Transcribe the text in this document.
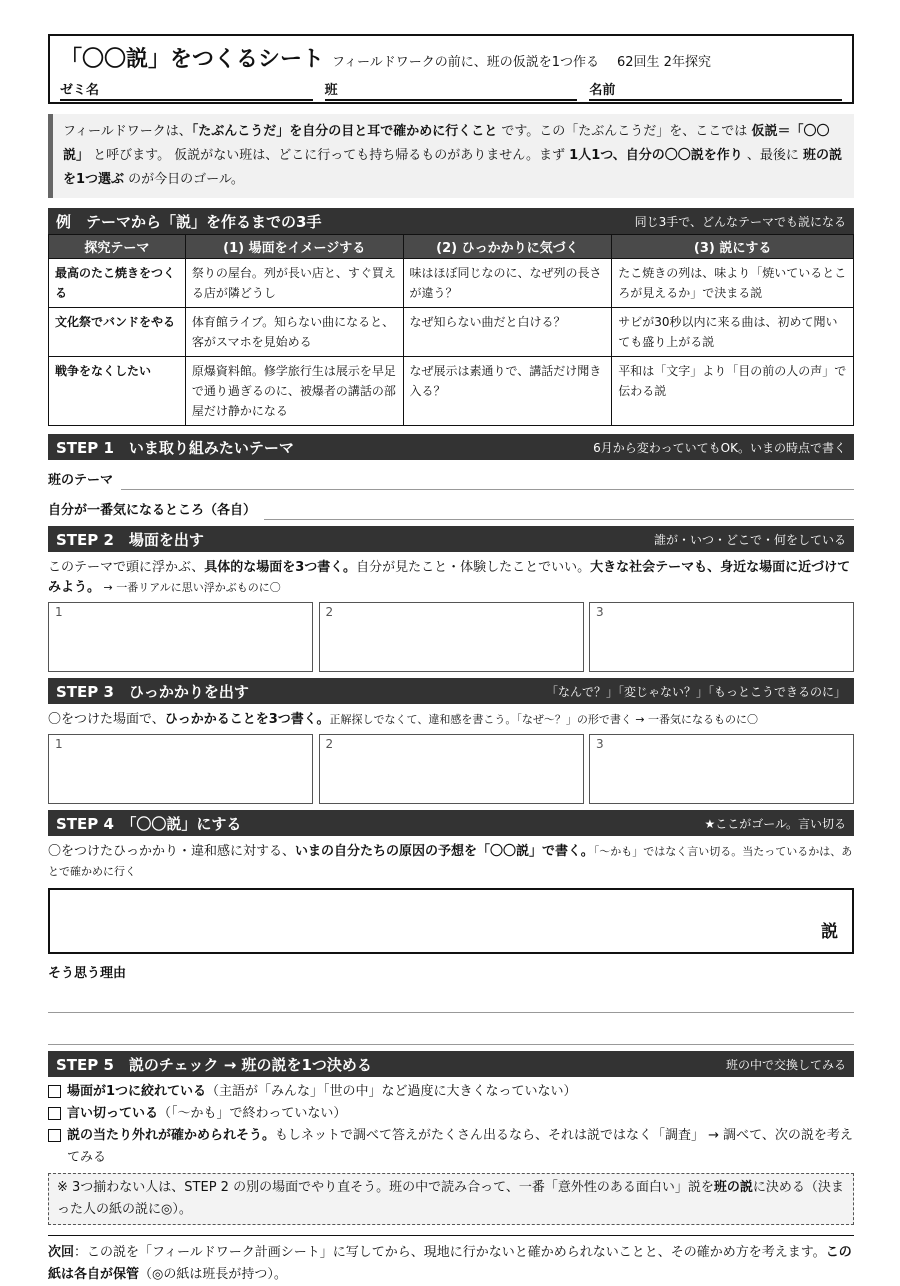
「〇〇説」をつくるシート フィールドワークの前に、班の仮説を1つ作る 62回生 2年探究
ゼミ名	班	名前
フィールドワークは、「たぶんこうだ」を自分の目と耳で確かめに行くこと です。この「たぶんこうだ」を、ここでは 仮説＝「〇〇説」 と呼びます。 仮説がない班は、どこに行っても持ち帰るものがありません。まず 1人1つ、自分の〇〇説を作り 、最後に 班の説を1つ選ぶ のが今日のゴール。
例　テーマから「説」を作るまでの3手	同じ3手で、どんなテーマでも説になる
探究テーマ	(1) 場面をイメージする	(2) ひっかかりに気づく	(3) 説にする
最高のたこ焼きをつくる	祭りの屋台。列が長い店と、すぐ買える店が隣どうし	味はほぼ同じなのに、なぜ列の長さが違う？	たこ焼きの列は、味より「焼いているところが見えるか」で決まる説
文化祭でバンドをやる	体育館ライブ。知らない曲になると、客がスマホを見始める	なぜ知らない曲だと白ける？	サビが30秒以内に来る曲は、初めて聞いても盛り上がる説
戦争をなくしたい	原爆資料館。修学旅行生は展示を早足で通り過ぎるのに、被爆者の講話の部屋だけ静かになる	なぜ展示は素通りで、講話だけ聞き入る？	平和は「文字」より「目の前の人の声」で伝わる説
STEP 1　いま取り組みたいテーマ	6月から変わっていてもOK。いまの時点で書く
班のテーマ
自分が一番気になるところ（各自）
STEP 2　場面を出す	誰が・いつ・どこで・何をしている
このテーマで頭に浮かぶ、具体的な場面を3つ書く。自分が見たこと・体験したことでいい。大きな社会テーマも、身近な場面に近づけてみよう。 → 一番リアルに思い浮かぶものに〇
1	2	3
STEP 3　ひっかかりを出す	「なんで？」「変じゃない？」「もっとこうできるのに」
〇をつけた場面で、ひっかかることを3つ書く。正解探しでなくて、違和感を書こう。「なぜ〜？」の形で書く → 一番気になるものに〇
1	2	3
STEP 4　「〇〇説」にする	★ここがゴール。言い切る
〇をつけたひっかかり・違和感に対する、いまの自分たちの原因の予想を「〇〇説」で書く。「〜かも」ではなく言い切る。当たっているかは、あとで確かめに行く
説
そう思う理由
STEP 5　説のチェック → 班の説を1つ決める	班の中で交換してみる
場面が1つに絞れている（主語が「みんな」「世の中」など過度に大きくなっていない）
言い切っている（「〜かも」で終わっていない）
説の当たり外れが確かめられそう。もしネットで調べて答えがたくさん出るなら、それは説ではなく「調査」 → 調べて、次の説を考えてみる
※ 3つ揃わない人は、STEP 2 の別の場面でやり直そう。班の中で読み合って、一番「意外性のある面白い」説を班の説に決める（決まった人の紙の説に◎）。
次回：この説を「フィールドワーク計画シート」に写してから、現地に行かないと確かめられないことと、その確かめ方を考えます。この紙は各自が保管（◎の紙は班長が持つ）。
